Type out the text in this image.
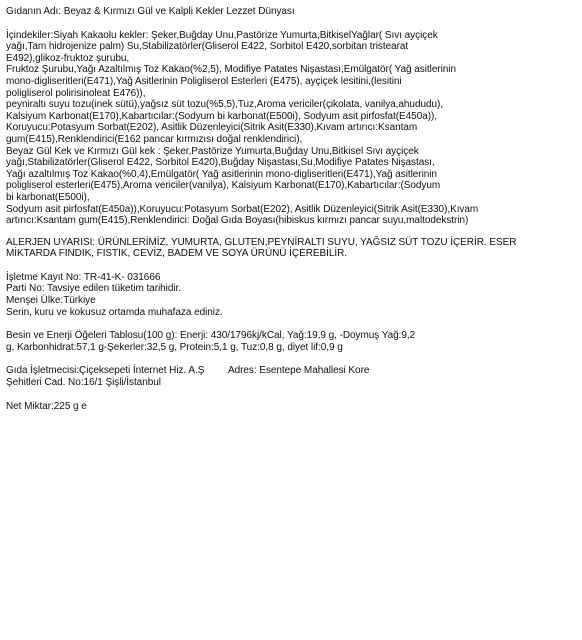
Gıdanın Adı: Beyaz & Kırmızı Gül ve Kalpli Kekler Lezzet Dünyası
İçindekiler:Siyah Kakaolu kekler: Şeker,Buğday Unu,Pastörize Yumurta,BitkiselYağlar( Sıvı ayçiçek
yağı,Tam hidrojenize palm) Su,Stabilizatörler(Gliserol E422, Sorbitol E420,sorbitan tristearat
E492),glikoz-fruktoz şurubu,
Fruktoz Şurubu,Yağı Azaltılmış Toz Kakao(%2,5), Modifiye Patates Nişastası,Emülgatör( Yağ asitlerinin
mono-digliseritleri(E471),Yağ Asitlerinin Poligliserol Esterleri (E475), ayçiçek lesitini,(lesitini
poligliserol polirisinoleat E476)),
peyniraltı suyu tozu(inek sütü),yağsız süt tozu(%5,5),Tuz,Aroma vericiler(çikolata, vanilya,ahududu),
Kalsiyum Karbonat(E170),Kabartıcılar:(Sodyum bi karbonat(E500i), Sodyum asit pirfosfat(E450a)),
Koruyucu:Potasyum Sorbat(E202), Asitlik Düzenleyici(Sitrik Asit(E330),Kıvam artırıcı:Ksantam
gum(E415),Renklendirici(E162 pancar kırmızısı doğal renklendirici),
Beyaz Gül Kek ve Kırmızı Gül kek : Şeker,Pastörize Yumurta,Buğday Unu,Bitkisel Sıvı ayçiçek
yağı,Stabilizatörler(Gliserol E422, Sorbitol E420),Buğday Nişastası,Su,Modifiye Patates Nişastası,
Yağı azaltılmış Toz Kakao(%0,4),Emülgatör( Yağ asitlerinin mono-digliseritleri(E471),Yağ asitlerinin
poligliserol esterleri(E475),Aroma vericiler(vanilya), Kalsiyum Karbonat(E170),Kabartıcılar:(Sodyum
bi karbonat(E500i),
Sodyum asit pirfosfat(E450a)),Koruyucu:Potasyum Sorbat(E202), Asitlik Düzenleyici(Sitrik Asit(E330),Kıvam
artırıcı:Ksantam gum(E415),Renklendirici: Doğal Gıda Boyası(hibiskus kırmızı pancar suyu,maltodekstrin)
ALERJEN UYARISI: ÜRÜNLERİMİZ, YUMURTA, GLUTEN,PEYNİRALTI SUYU, YAĞSIZ SÜT TOZU İÇERİR. ESER
MİKTARDA FINDIK, FISTIK, CEVİZ, BADEM VE SOYA ÜRÜNÜ İÇEREBİLİR.
İşletme Kayıt No: TR-41-K- 031666
Parti No: Tavsiye edilen tüketim tarihidir.
Menşei Ülke:Türkiye
Serin, kuru ve kokusuz ortamda muhafaza ediniz.
Besin ve Enerji Öğeleri Tablosu(100 g): Enerji: 430/1796kj/kCal, Yağ:19,9 g, -Doymuş Yağ:9,2
g, Karbonhidrat:57,1 g-Şekerler:32,5 g, Protein:5,1 g, Tuz:0,8 g, diyet lif:0,9 g
Gıda İşletmecisi:Çiçeksepeti İnternet Hiz. A.Ş	Adres: Esentepe Mahallesi Kore
Şehitleri Cad. No:16/1 Şişli/İstanbul
Net Miktar:225 g e
